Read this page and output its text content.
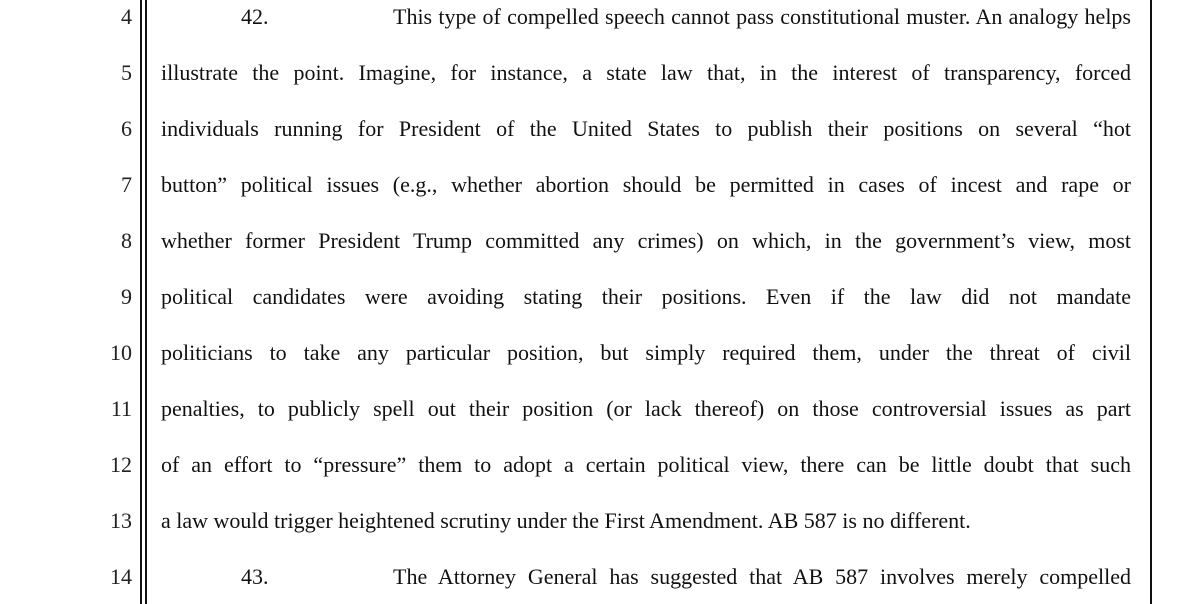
4
5
6
7
8
9
10
11
12
13
14
42.	This type of compelled speech cannot pass constitutional muster. An analogy helps
illustrate the point. Imagine, for instance, a state law that, in the interest of transparency, forced
individuals running for President of the United States to publish their positions on several “hot
button” political issues (e.g., whether abortion should be permitted in cases of incest and rape or
whether former President Trump committed any crimes) on which, in the government’s view, most
political candidates were avoiding stating their positions. Even if the law did not mandate
politicians to take any particular position, but simply required them, under the threat of civil
penalties, to publicly spell out their position (or lack thereof) on those controversial issues as part
of an effort to “pressure” them to adopt a certain political view, there can be little doubt that such
a law would trigger heightened scrutiny under the First Amendment. AB 587 is no different.
43.	The Attorney General has suggested that AB 587 involves merely compelled
